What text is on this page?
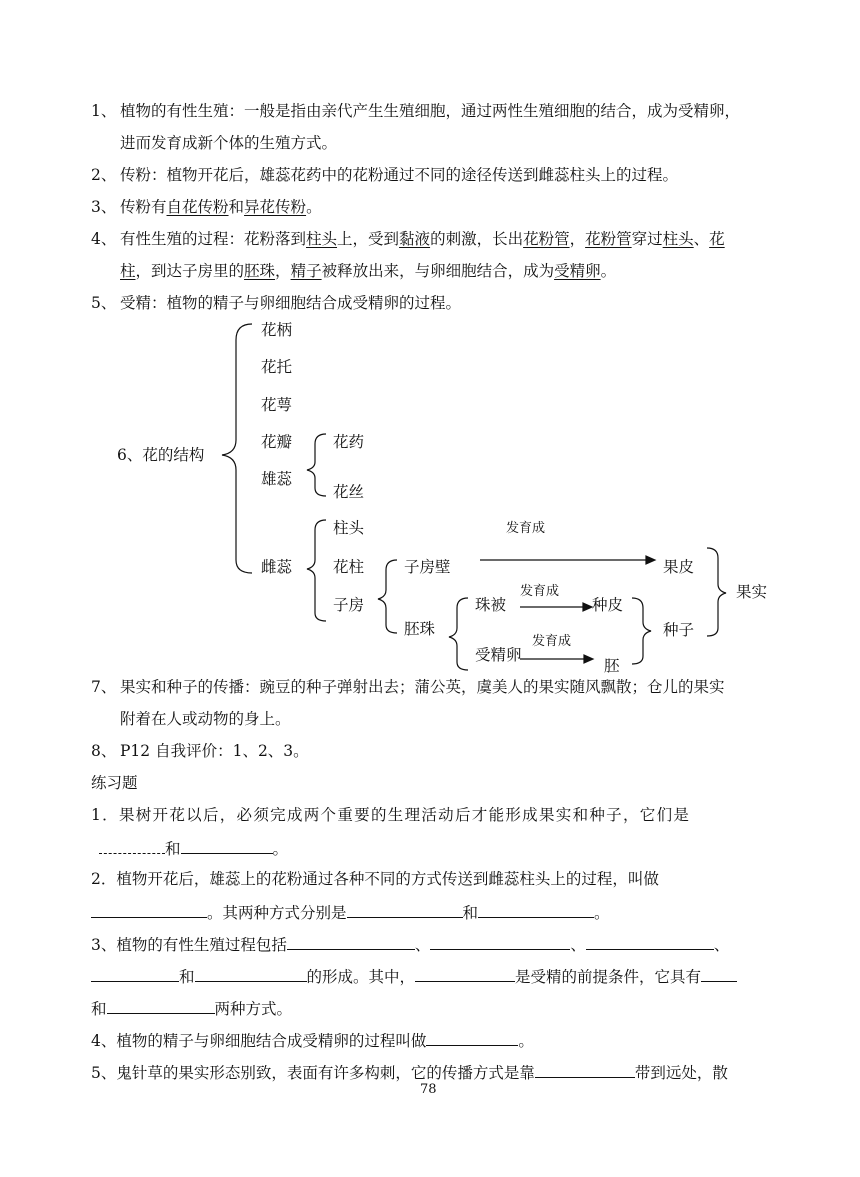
1、 植物的有性生殖：一般是指由亲代产生生殖细胞，通过两性生殖细胞的结合，成为受精卵，
进而发育成新个体的生殖方式。
2、 传粉：植物开花后，雄蕊花药中的花粉通过不同的途径传送到雌蕊柱头上的过程。
3、 传粉有自花传粉和异花传粉。
4、 有性生殖的过程：花粉落到柱头上，受到黏液的刺激，长出花粉管，花粉管穿过柱头、花
柱，到达子房里的胚珠，精子被释放出来，与卵细胞结合，成为受精卵。
5、 受精：植物的精子与卵细胞结合成受精卵的过程。
6、花的结构
花柄
花托
花萼
花瓣
雄蕊
雌蕊
花药
花丝
柱头
花柱
子房
子房壁
胚珠
珠被
受精卵
发育成
发育成
发育成
果皮
种皮
胚
种子
果实
7、 果实和种子的传播：豌豆的种子弹射出去；蒲公英，虞美人的果实随风飘散；仓儿的果实
附着在人或动物的身上。
8、 P12 自我评价：1、2、3。
练习题
1．果树开花以后，必须完成两个重要的生理活动后才能形成果实和种子，它们是
和	。
2．植物开花后，雄蕊上的花粉通过各种不同的方式传送到雌蕊柱头上的过程，叫做
。其两种方式分别是	和	。
3、植物的有性生殖过程包括	、	、	、
和	的形成。其中，	是受精的前提条件，它具有
和	两种方式。
4、植物的精子与卵细胞结合成受精卵的过程叫做	。
5、鬼针草的果实形态别致，表面有许多构刺，它的传播方式是靠	带到远处，散
78
